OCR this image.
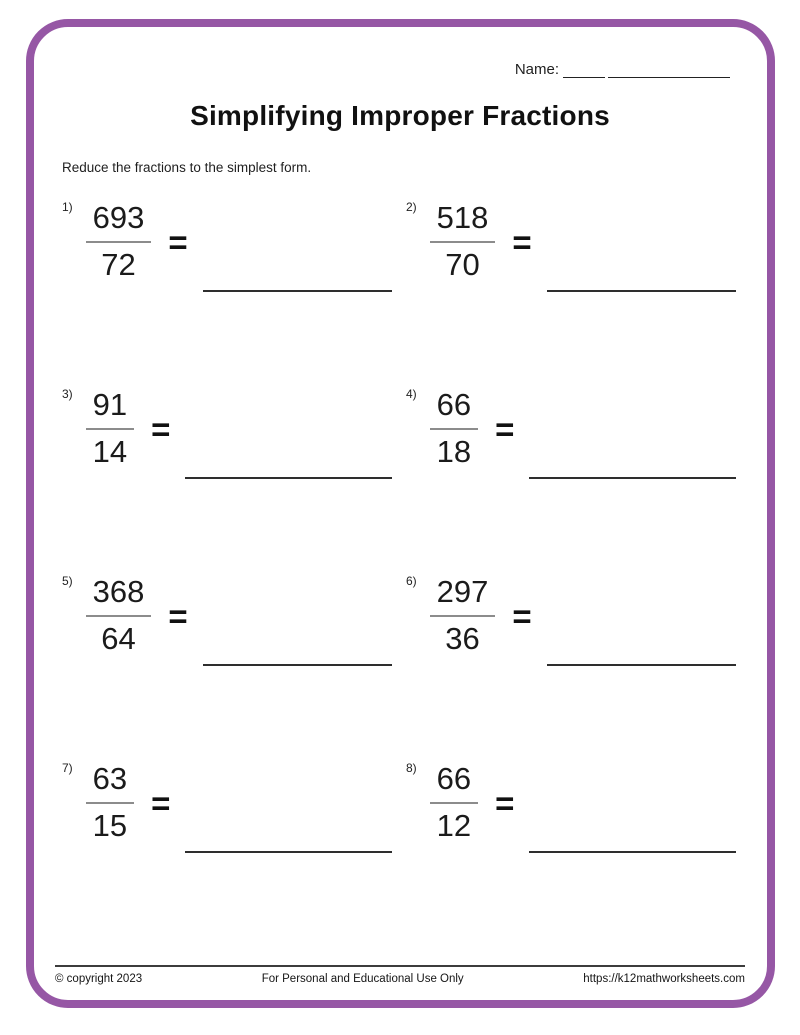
Name:
Simplifying Improper Fractions

Reduce the fractions to the simplest form.

$1) \frac{693}{72}$ =
$2) \frac{518}{70}$ =
$3) \frac{91}{14}$ =
$4) \frac{66}{18}$ =
$5) \frac{368}{64}$ =
$6) \frac{297}{36}$ =
$7) \frac{63}{15}$ =
$8) \frac{66}{12}$ =
© copyright 2023	For Personal and Educational Use Only	https://k12mathworksheets.com
